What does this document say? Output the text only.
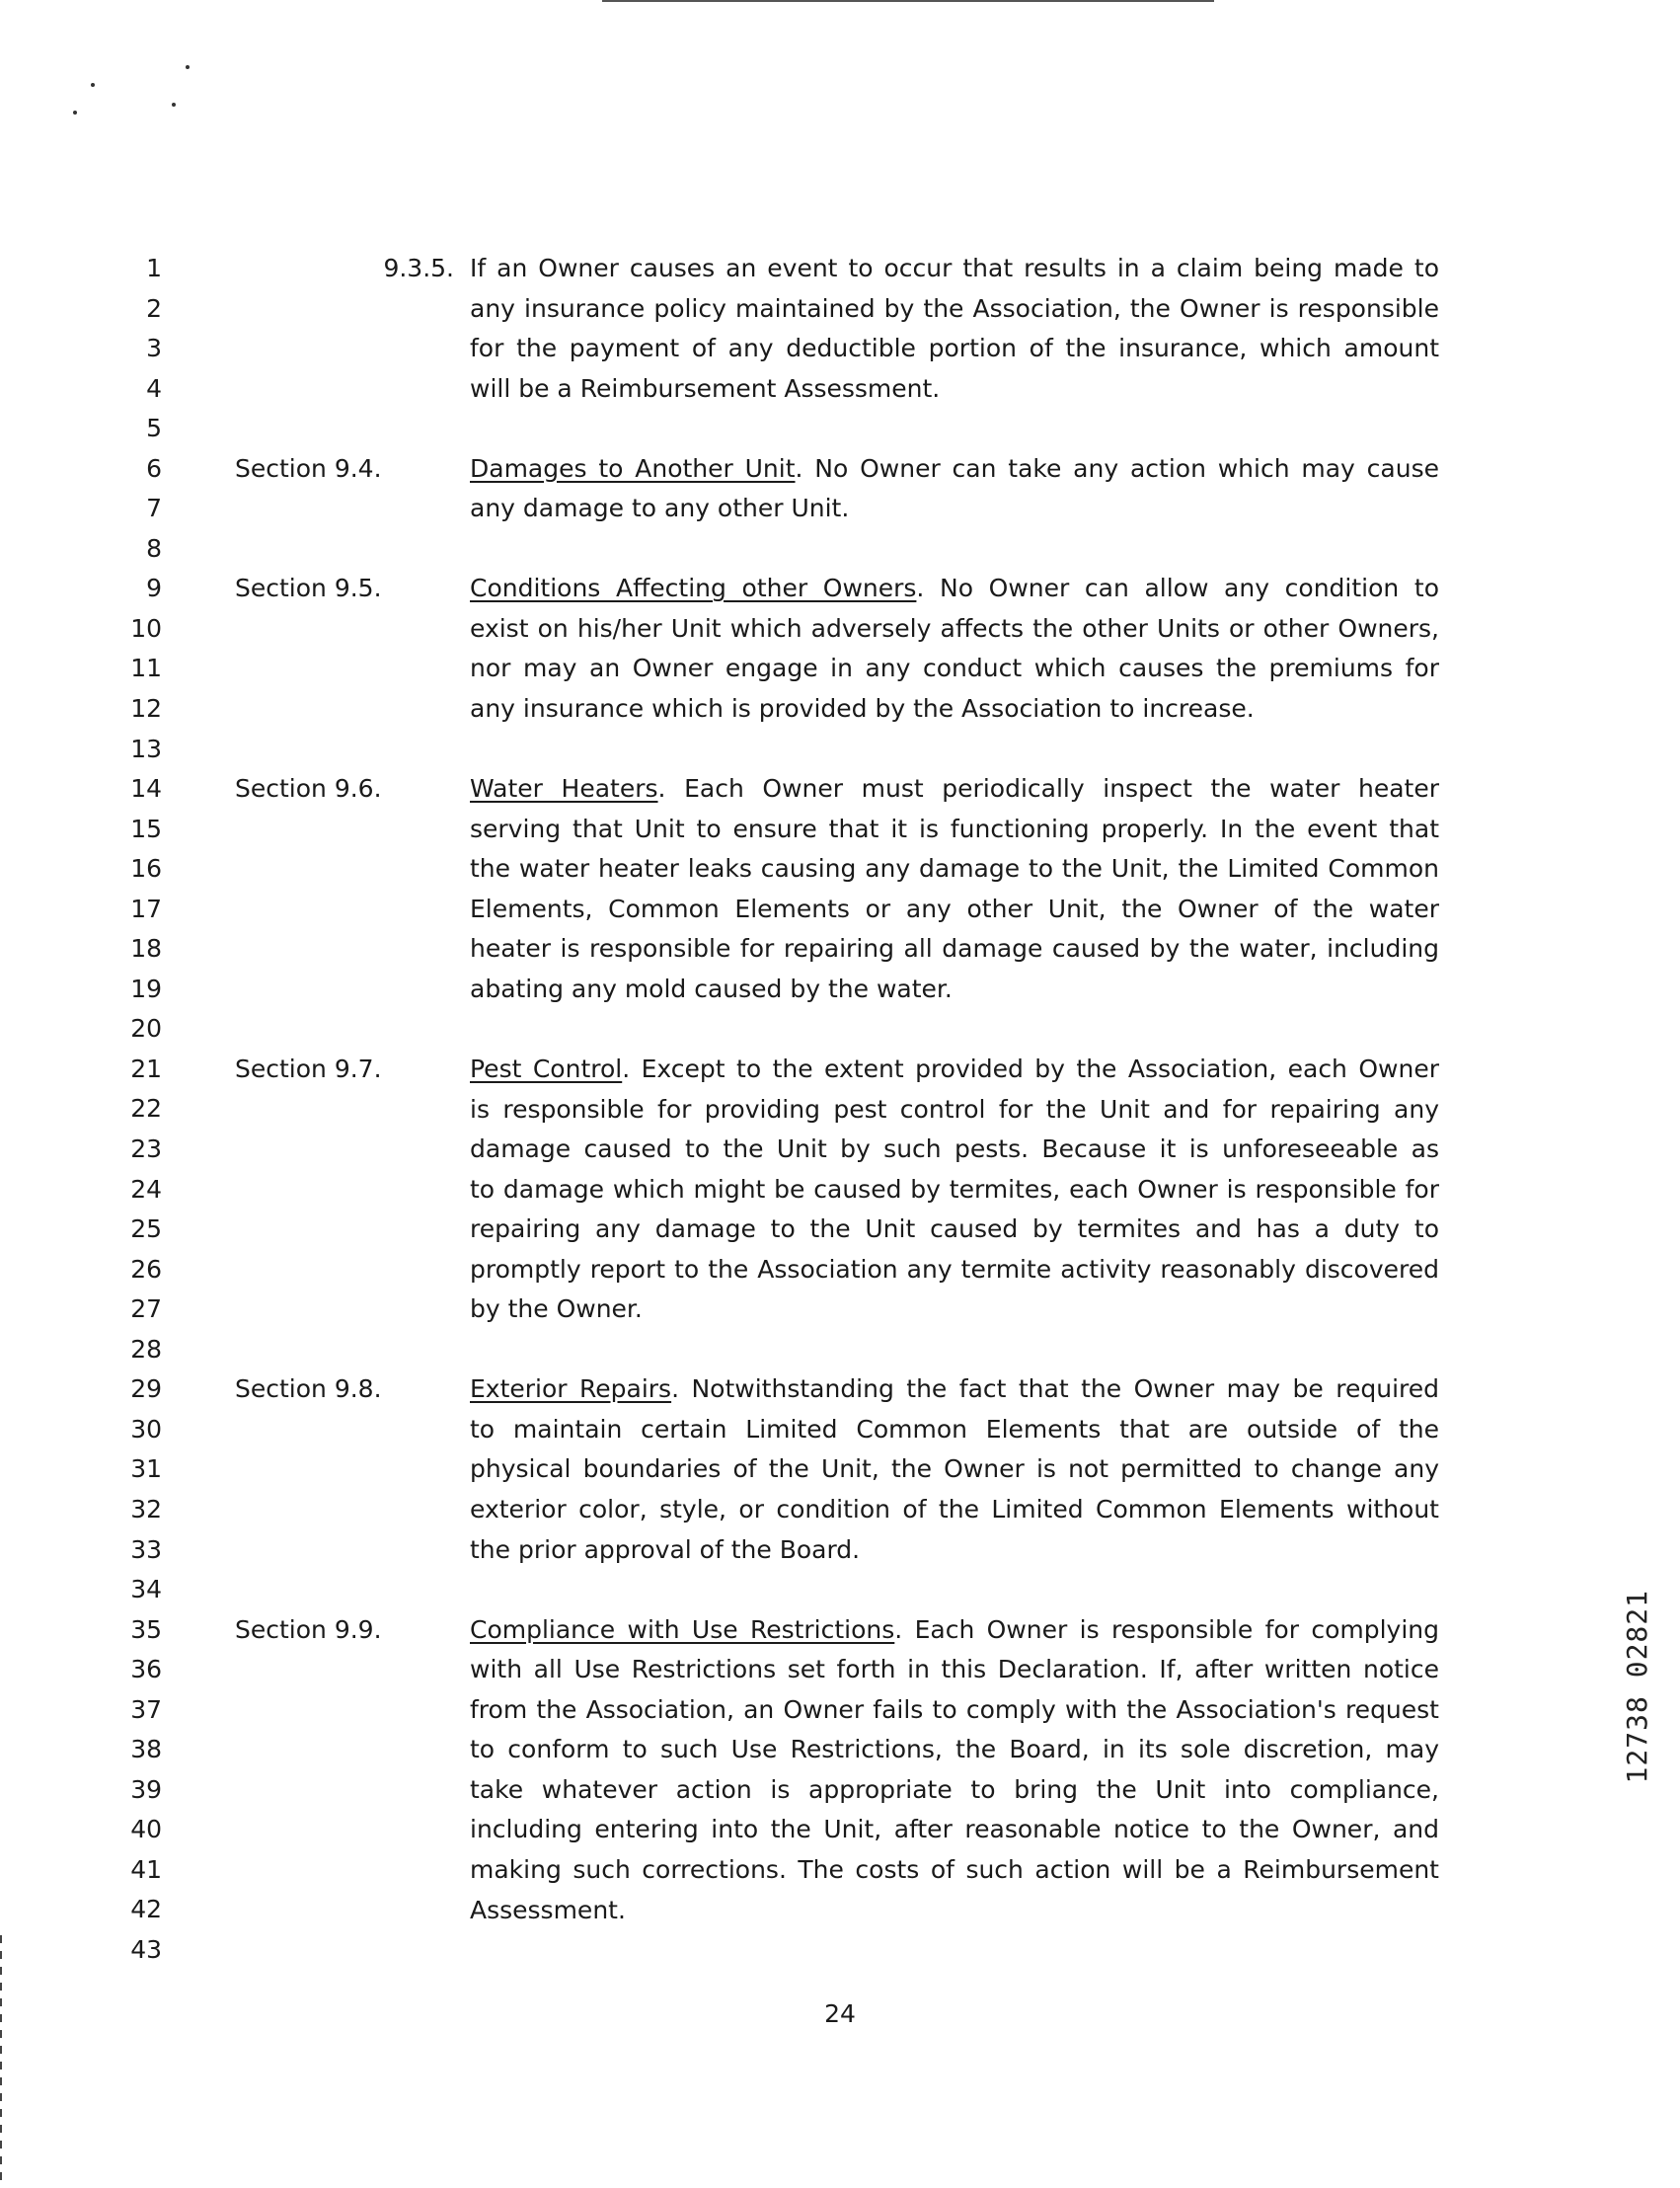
1
2
3
4
5
6
7
8
9
10
11
12
13
14
15
16
17
18
19
20
21
22
23
24
25
26
27
28
29
30
31
32
33
34
35
36
37
38
39
40
41
42
43
9.3.5. If an Owner causes an event to occur that results in a claim being made to
any insurance policy maintained by the Association, the Owner is responsible
for the payment of any deductible portion of the insurance, which amount
will be a Reimbursement Assessment.
Section 9.4.	Damages to Another Unit. No Owner can take any action which may cause
any damage to any other Unit.
Section 9.5.	Conditions Affecting other Owners. No Owner can allow any condition to
exist on his/her Unit which adversely affects the other Units or other Owners,
nor may an Owner engage in any conduct which causes the premiums for
any insurance which is provided by the Association to increase.
Section 9.6.	Water Heaters. Each Owner must periodically inspect the water heater
serving that Unit to ensure that it is functioning properly. In the event that
the water heater leaks causing any damage to the Unit, the Limited Common
Elements, Common Elements or any other Unit, the Owner of the water
heater is responsible for repairing all damage caused by the water, including
abating any mold caused by the water.
Section 9.7.	Pest Control. Except to the extent provided by the Association, each Owner
is responsible for providing pest control for the Unit and for repairing any
damage caused to the Unit by such pests. Because it is unforeseeable as
to damage which might be caused by termites, each Owner is responsible for
repairing any damage to the Unit caused by termites and has a duty to
promptly report to the Association any termite activity reasonably discovered
by the Owner.
Section 9.8.	Exterior Repairs. Notwithstanding the fact that the Owner may be required
to maintain certain Limited Common Elements that are outside of the
physical boundaries of the Unit, the Owner is not permitted to change any
exterior color, style, or condition of the Limited Common Elements without
the prior approval of the Board.
Section 9.9.	Compliance with Use Restrictions. Each Owner is responsible for complying
with all Use Restrictions set forth in this Declaration. If, after written notice
from the Association, an Owner fails to comply with the Association's request
to conform to such Use Restrictions, the Board, in its sole discretion, may
take whatever action is appropriate to bring the Unit into compliance,
including entering into the Unit, after reasonable notice to the Owner, and
making such corrections. The costs of such action will be a Reimbursement
Assessment.
24
12738 02821
